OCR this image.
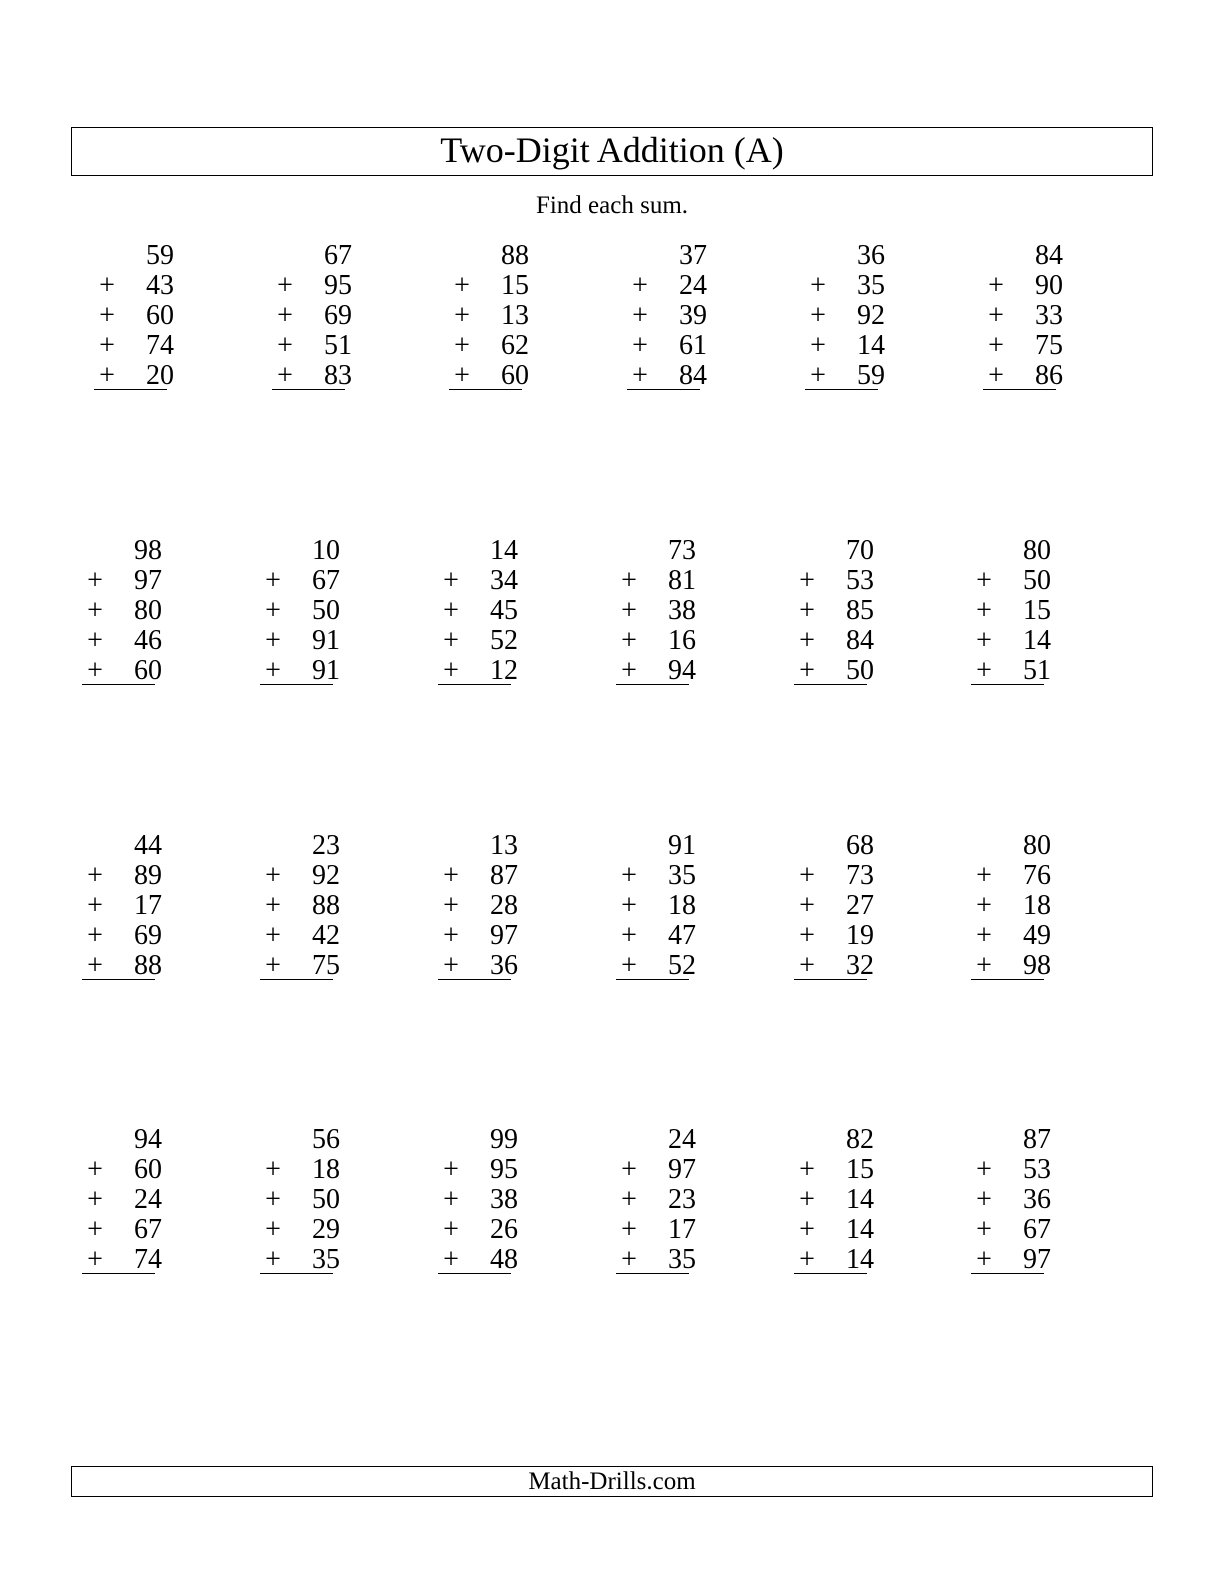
Two-Digit Addition (A)
Find each sum.
59
+ 43
+ 60
+ 74
+ 20
67
+ 95
+ 69
+ 51
+ 83
88
+ 15
+ 13
+ 62
+ 60
37
+ 24
+ 39
+ 61
+ 84
36
+ 35
+ 92
+ 14
+ 59
84
+ 90
+ 33
+ 75
+ 86
98
+ 97
+ 80
+ 46
+ 60
10
+ 67
+ 50
+ 91
+ 91
14
+ 34
+ 45
+ 52
+ 12
73
+ 81
+ 38
+ 16
+ 94
70
+ 53
+ 85
+ 84
+ 50
80
+ 50
+ 15
+ 14
+ 51
44
+ 89
+ 17
+ 69
+ 88
23
+ 92
+ 88
+ 42
+ 75
13
+ 87
+ 28
+ 97
+ 36
91
+ 35
+ 18
+ 47
+ 52
68
+ 73
+ 27
+ 19
+ 32
80
+ 76
+ 18
+ 49
+ 98
94
+ 60
+ 24
+ 67
+ 74
56
+ 18
+ 50
+ 29
+ 35
99
+ 95
+ 38
+ 26
+ 48
24
+ 97
+ 23
+ 17
+ 35
82
+ 15
+ 14
+ 14
+ 14
87
+ 53
+ 36
+ 67
+ 97
Math-Drills.com
